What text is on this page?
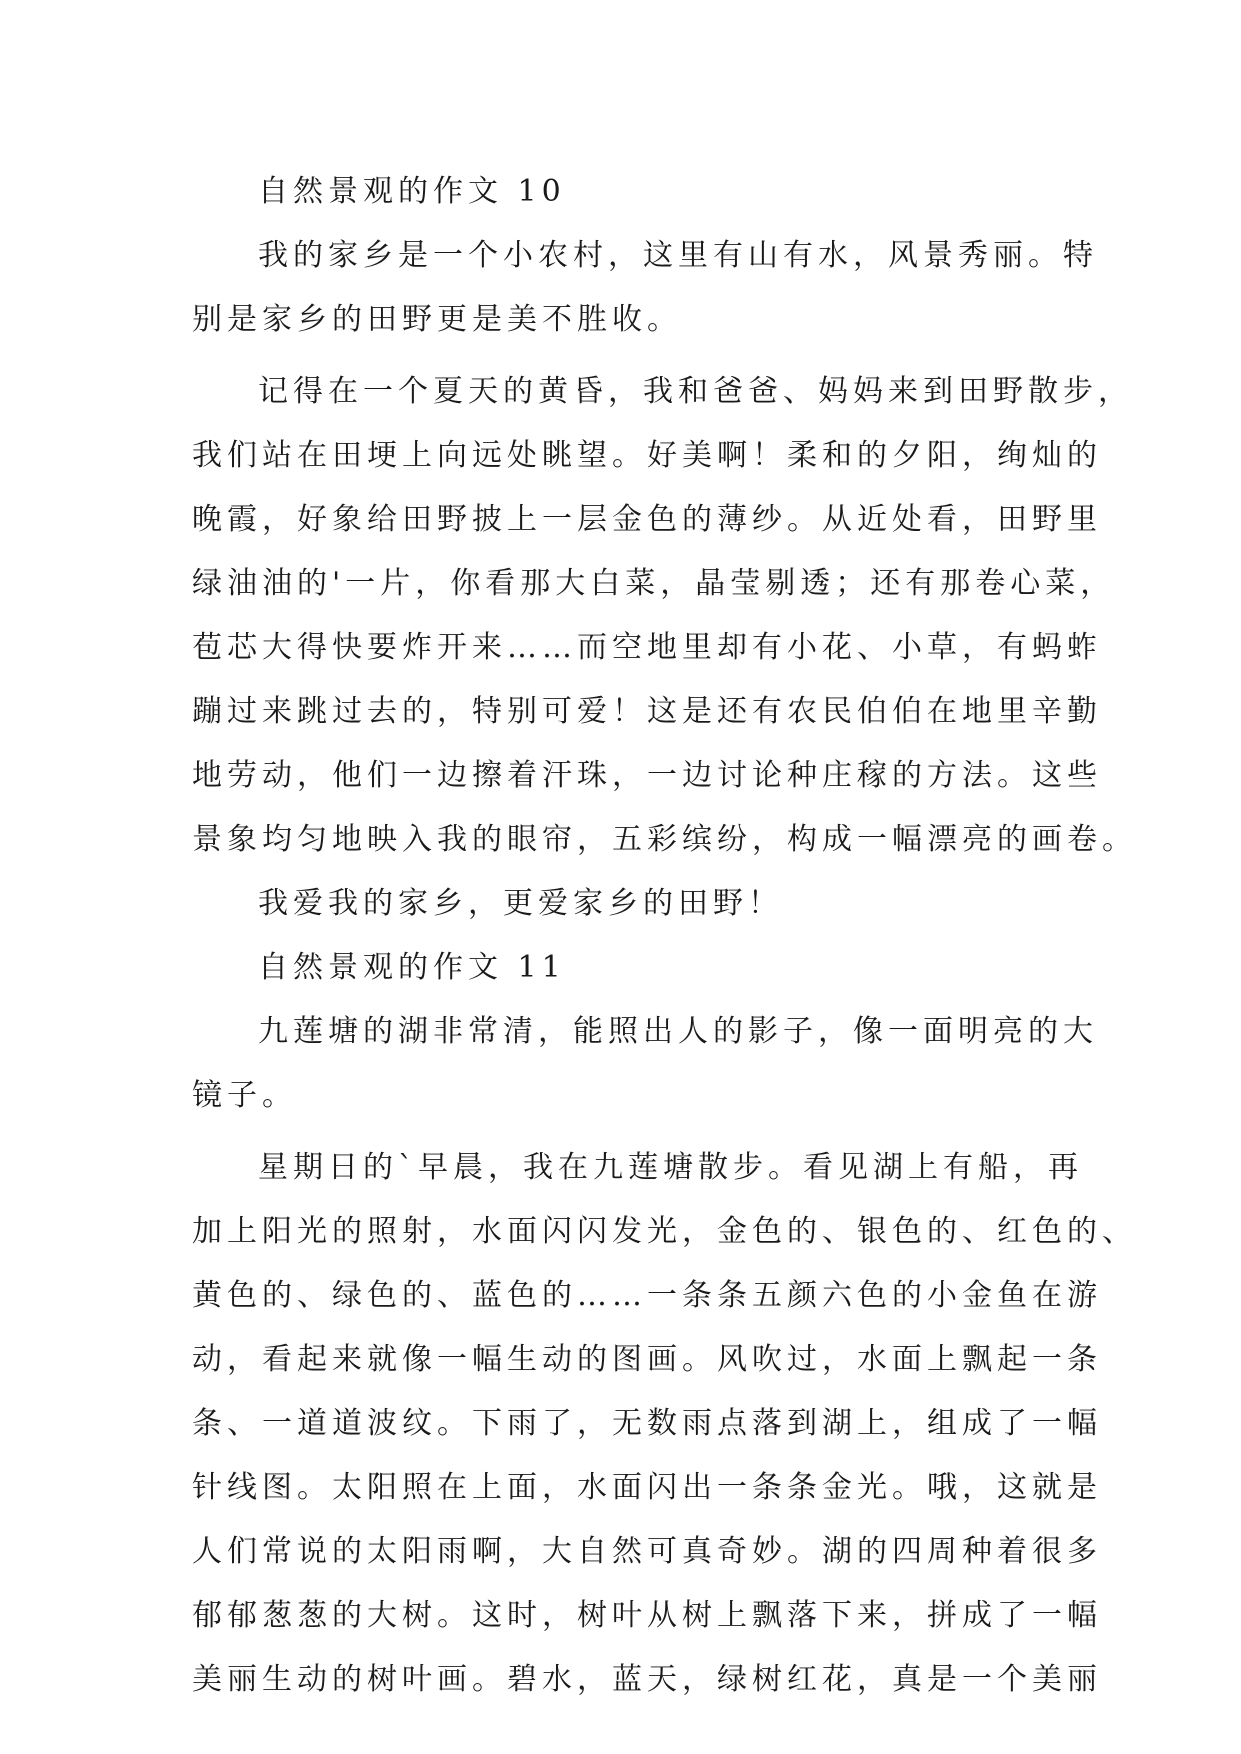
自然景观的作文 10
我的家乡是一个小农村，这里有山有水，风景秀丽。特
别是家乡的田野更是美不胜收。
记得在一个夏天的黄昏，我和爸爸、妈妈来到田野散步，
我们站在田埂上向远处眺望。好美啊！柔和的夕阳，绚灿的
晚霞，好象给田野披上一层金色的薄纱。从近处看，田野里
绿油油的'一片，你看那大白菜，晶莹剔透；还有那卷心菜，
苞芯大得快要炸开来……而空地里却有小花、小草，有蚂蚱
蹦过来跳过去的，特别可爱！这是还有农民伯伯在地里辛勤
地劳动，他们一边擦着汗珠，一边讨论种庄稼的方法。这些
景象均匀地映入我的眼帘，五彩缤纷，构成一幅漂亮的画卷。
我爱我的家乡，更爱家乡的田野！
自然景观的作文 11
九莲塘的湖非常清，能照出人的影子，像一面明亮的大
镜子。
星期日的`早晨，我在九莲塘散步。看见湖上有船，再
加上阳光的照射，水面闪闪发光，金色的、银色的、红色的、
黄色的、绿色的、蓝色的……一条条五颜六色的小金鱼在游
动，看起来就像一幅生动的图画。风吹过，水面上飘起一条
条、一道道波纹。下雨了，无数雨点落到湖上，组成了一幅
针线图。太阳照在上面，水面闪出一条条金光。哦，这就是
人们常说的太阳雨啊，大自然可真奇妙。湖的四周种着很多
郁郁葱葱的大树。这时，树叶从树上飘落下来，拼成了一幅
美丽生动的树叶画。碧水，蓝天，绿树红花，真是一个美丽
